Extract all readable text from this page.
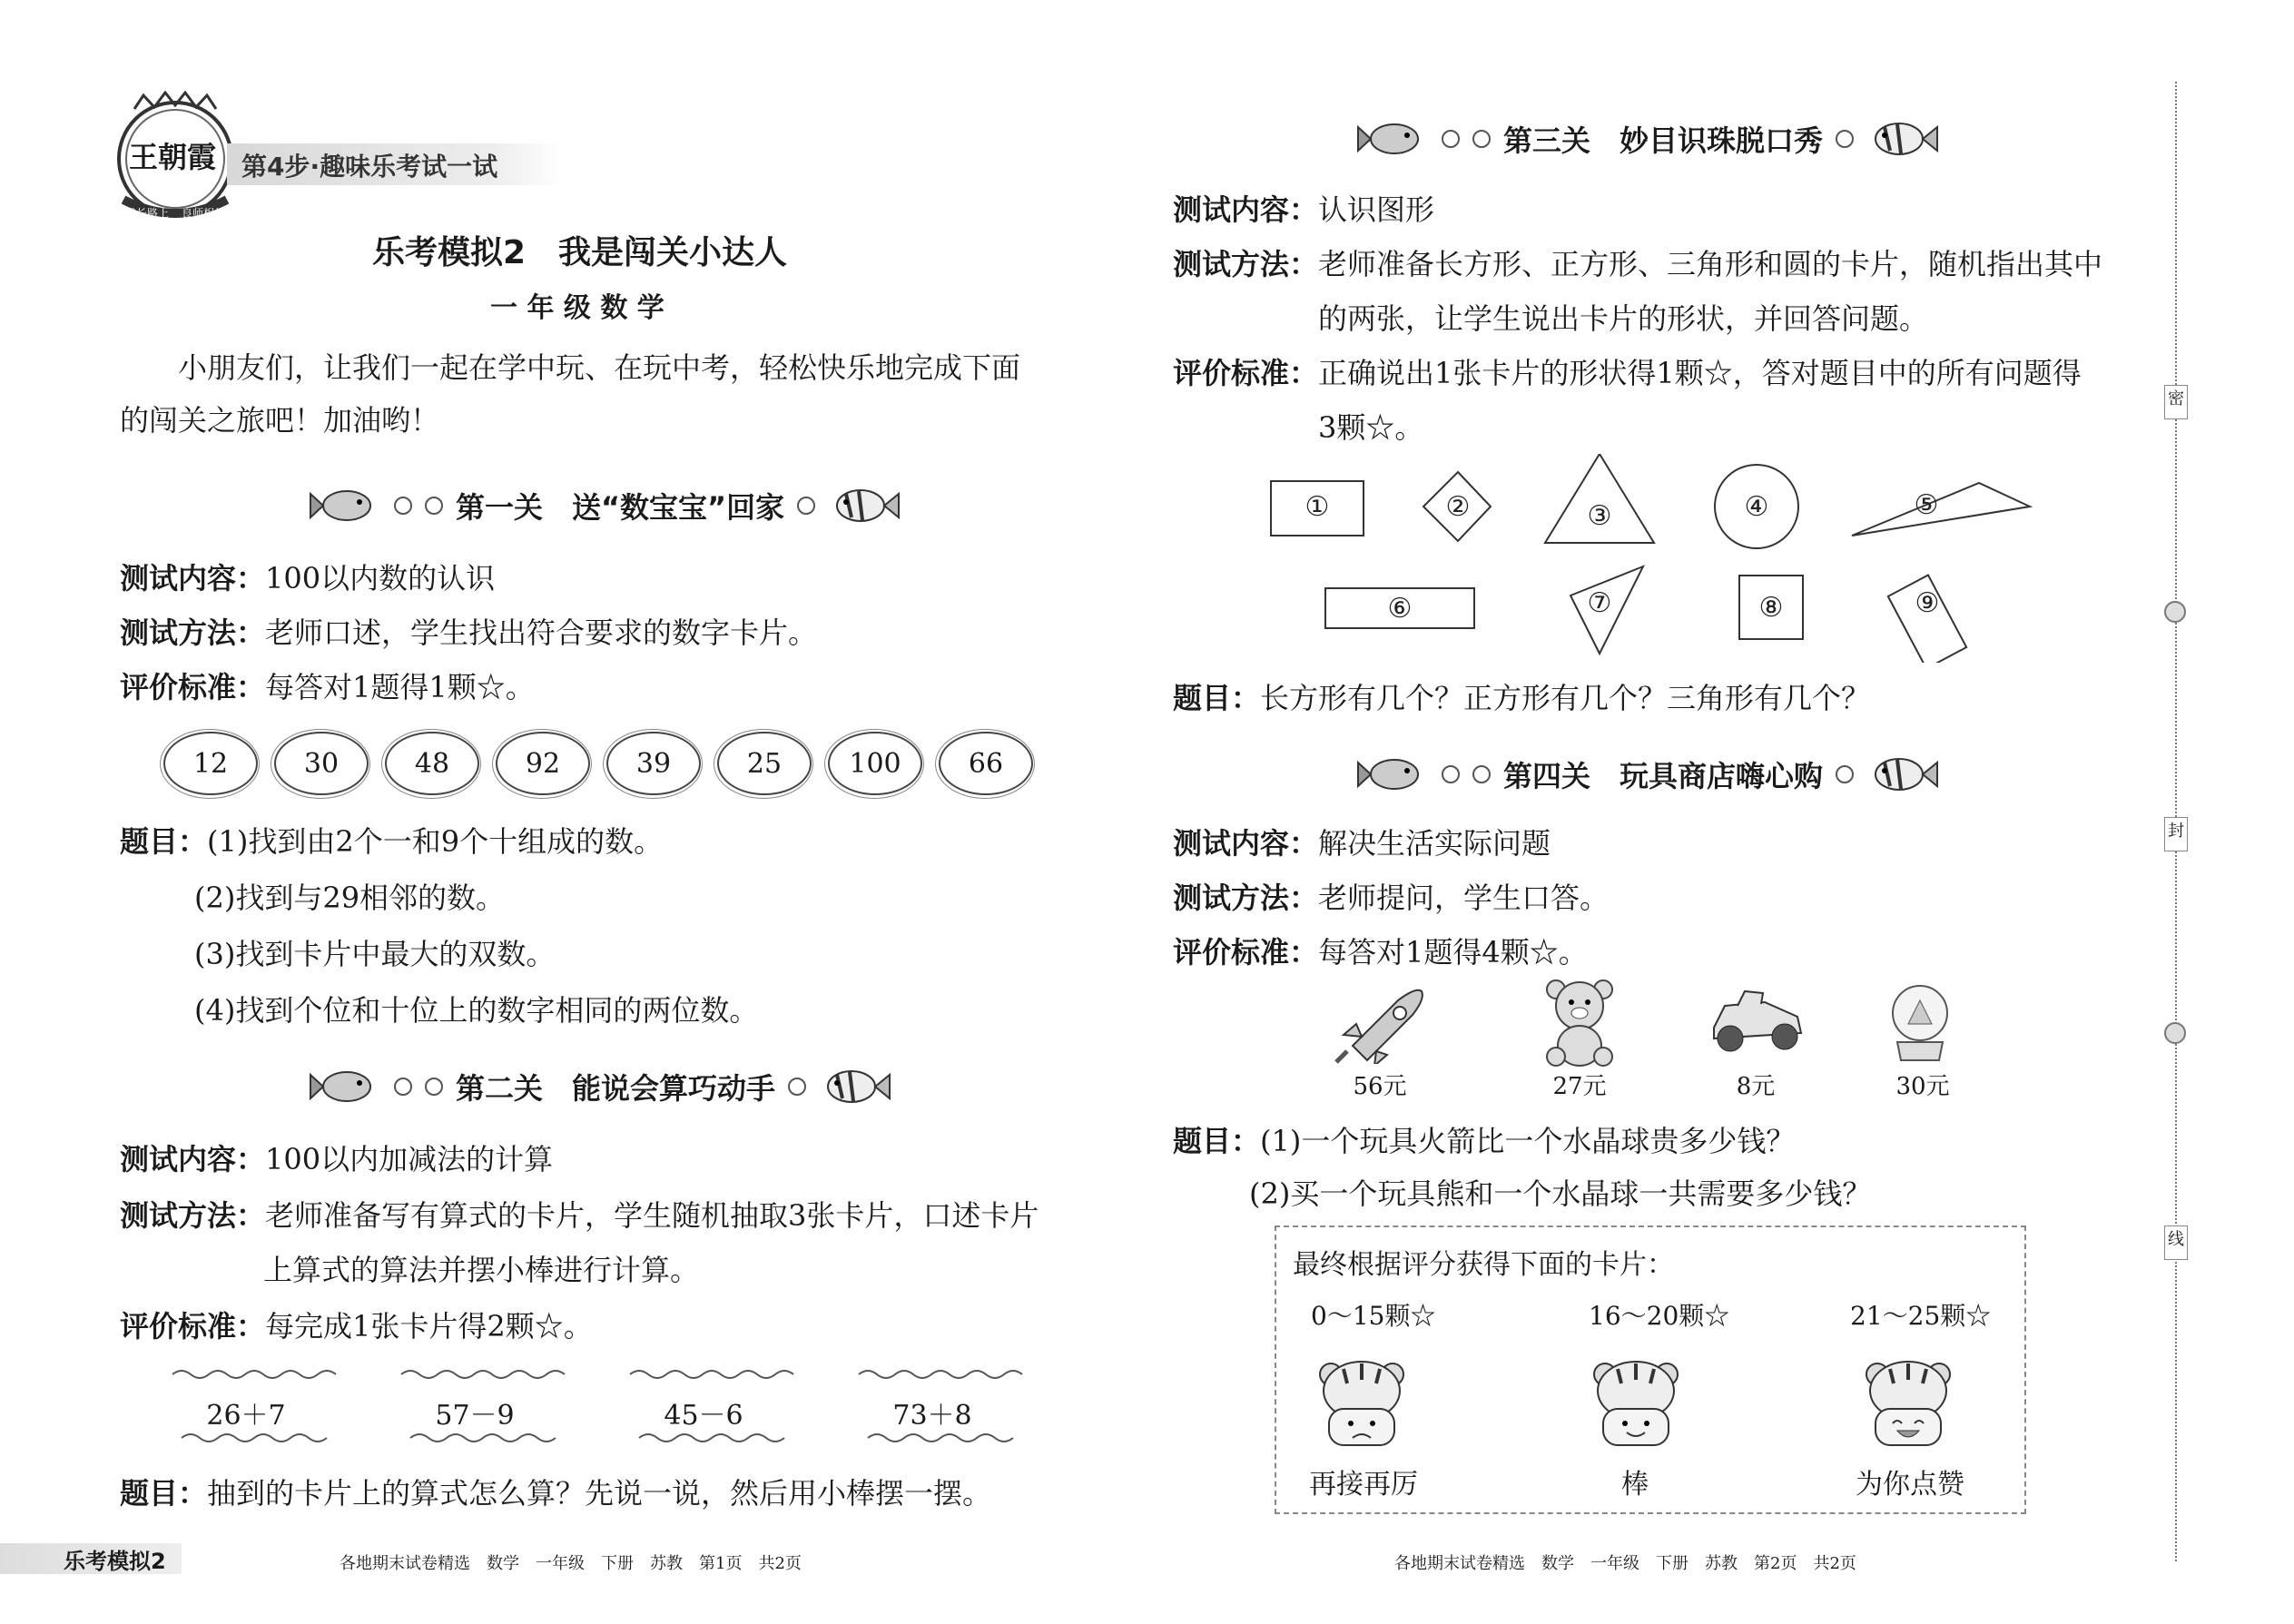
王朝霞
成长路上 良师相伴
第4步·趣味乐考试一试
乐考模拟2　我是闯关小达人
一 年 级 数 学
小朋友们，让我们一起在学中玩、在玩中考，轻松快乐地完成下面
的闯关之旅吧！加油哟！
第一关　送“数宝宝”回家
测试内容：100以内数的认识
测试方法：老师口述，学生找出符合要求的数字卡片。
评价标准：每答对1题得1颗☆。
12	30	48	92	39	25	100	66
题目：(1)找到由2个一和9个十组成的数。
(2)找到与29相邻的数。
(3)找到卡片中最大的双数。
(4)找到个位和十位上的数字相同的两位数。
第二关　能说会算巧动手
测试内容：100以内加减法的计算
测试方法：老师准备写有算式的卡片，学生随机抽取3张卡片，口述卡片
上算式的算法并摆小棒进行计算。
评价标准：每完成1张卡片得2颗☆。
26＋7	57－9	45－6	73＋8
题目：抽到的卡片上的算式怎么算？先说一说，然后用小棒摆一摆。
乐考模拟2	各地期末试卷精选　数学　一年级　下册　苏教　第1页　共2页
第三关　妙目识珠脱口秀
测试内容：认识图形
测试方法：老师准备长方形、正方形、三角形和圆的卡片，随机指出其中
的两张，让学生说出卡片的形状，并回答问题。
评价标准：正确说出1张卡片的形状得1颗☆，答对题目中的所有问题得
3颗☆。
①	②	③	④	⑤
⑥	⑦	⑧	⑨
题目：长方形有几个？正方形有几个？三角形有几个？
第四关　玩具商店嗨心购
测试内容：解决生活实际问题
测试方法：老师提问，学生口答。
评价标准：每答对1题得4颗☆。
56元	27元	8元	30元
题目：(1)一个玩具火箭比一个水晶球贵多少钱？
(2)买一个玩具熊和一个水晶球一共需要多少钱？
最终根据评分获得下面的卡片：
0～15颗☆	16～20颗☆	21～25颗☆
再接再厉	棒	为你点赞
各地期末试卷精选　数学　一年级　下册　苏教　第2页　共2页
密
封
线
